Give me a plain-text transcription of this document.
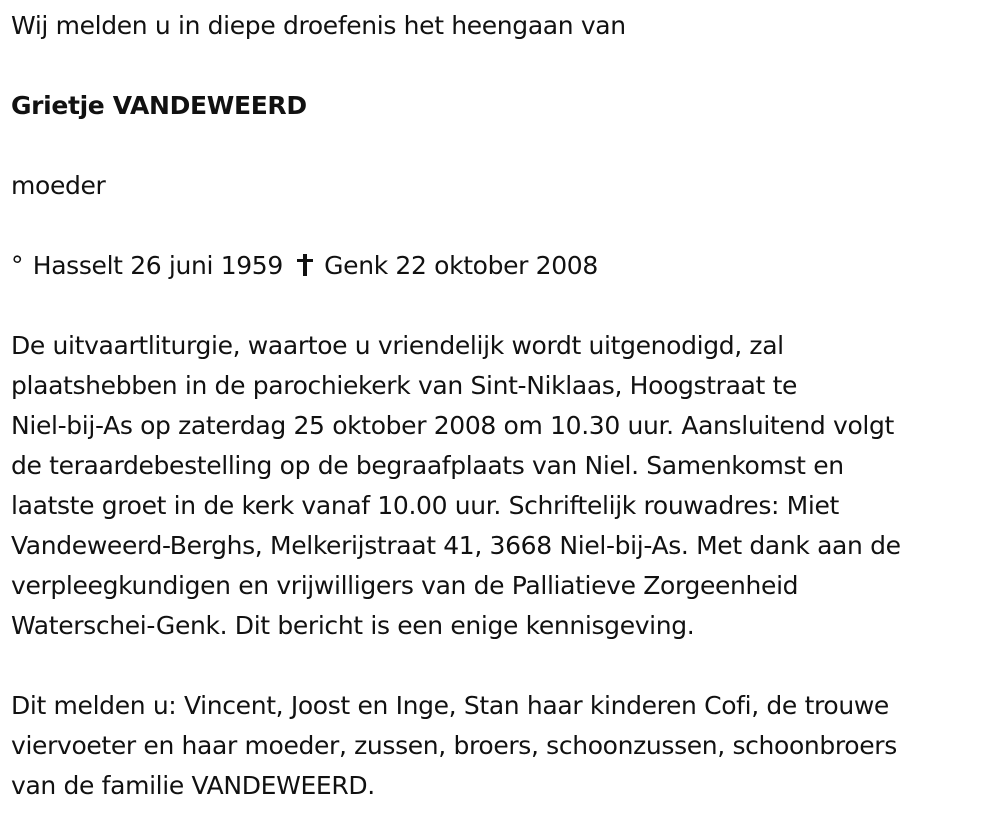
Wij melden u in diepe droefenis het heengaan van
Grietje VANDEWEERD
moeder
° Hasselt 26 juni 1959 Genk 22 oktober 2008
De uitvaartliturgie, waartoe u vriendelijk wordt uitgenodigd, zal
plaatshebben in de parochiekerk van Sint-Niklaas, Hoogstraat te
Niel-bij-As op zaterdag 25 oktober 2008 om 10.30 uur. Aansluitend volgt
de teraardebestelling op de begraafplaats van Niel. Samenkomst en
laatste groet in de kerk vanaf 10.00 uur. Schriftelijk rouwadres: Miet
Vandeweerd-Berghs, Melkerijstraat 41, 3668 Niel-bij-As. Met dank aan de
verpleegkundigen en vrijwilligers van de Palliatieve Zorgeenheid
Waterschei-Genk. Dit bericht is een enige kennisgeving.
Dit melden u: Vincent, Joost en Inge, Stan haar kinderen Cofi, de trouwe
viervoeter en haar moeder, zussen, broers, schoonzussen, schoonbroers
van de familie VANDEWEERD.
